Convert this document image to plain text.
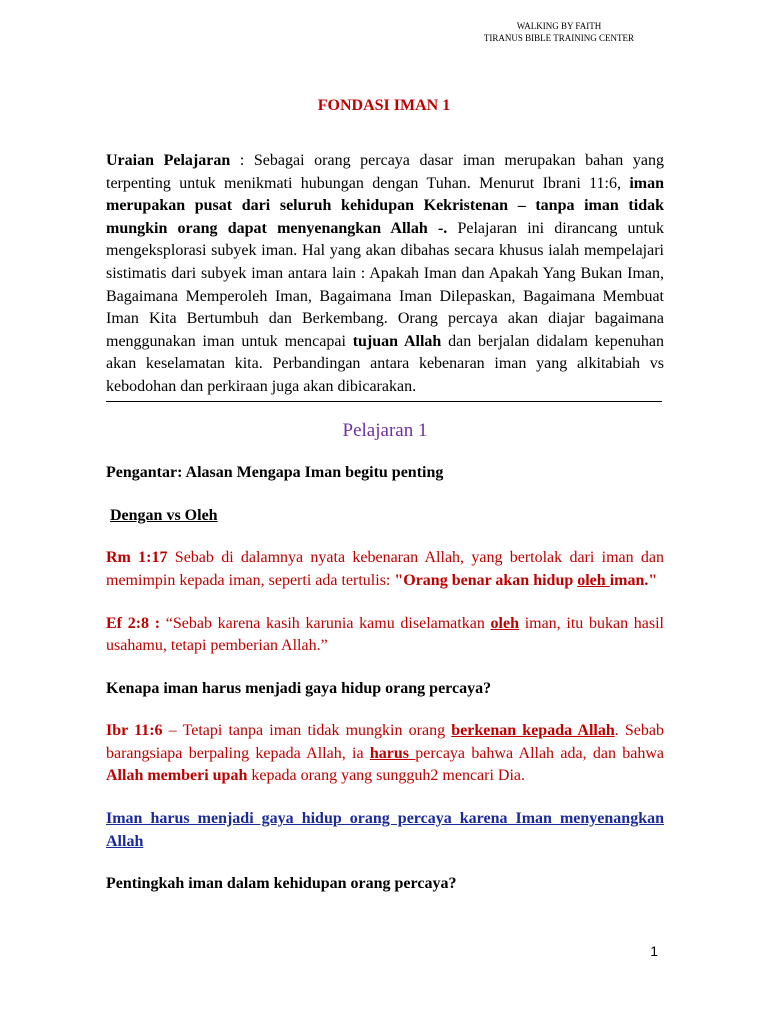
WALKING BY FAITH
TIRANUS BIBLE TRAINING CENTER
FONDASI IMAN 1

Uraian Pelajaran : Sebagai orang percaya dasar iman merupakan bahan yang terpenting untuk menikmati hubungan dengan Tuhan. Menurut Ibrani 11:6, iman merupakan pusat dari seluruh kehidupan Kekristenan – tanpa iman tidak mungkin orang dapat menyenangkan Allah -. Pelajaran ini dirancang untuk mengeksplorasi subyek iman. Hal yang akan dibahas secara khusus ialah mempelajari sistimatis dari subyek iman antara lain : Apakah Iman dan Apakah Yang Bukan Iman, Bagaimana Memperoleh Iman, Bagaimana Iman Dilepaskan, Bagaimana Membuat Iman Kita Bertumbuh dan Berkembang. Orang percaya akan diajar bagaimana menggunakan iman untuk mencapai tujuan Allah dan berjalan didalam kepenuhan akan keselamatan kita. Perbandingan antara kebenaran iman yang alkitabiah vs kebodohan dan perkiraan juga akan dibicarakan.

Pelajaran 1

Pengantar: Alasan Mengapa Iman begitu penting

Dengan vs Oleh

Rm 1:17 Sebab di dalamnya nyata kebenaran Allah, yang bertolak dari iman dan memimpin kepada iman, seperti ada tertulis: "Orang benar akan hidup oleh iman."

Ef 2:8 : “Sebab karena kasih karunia kamu diselamatkan oleh iman, itu bukan hasil usahamu, tetapi pemberian Allah.”

Kenapa iman harus menjadi gaya hidup orang percaya?

Ibr 11:6 – Tetapi tanpa iman tidak mungkin orang berkenan kepada Allah. Sebab barangsiapa berpaling kepada Allah, ia harus percaya bahwa Allah ada, dan bahwa Allah memberi upah kepada orang yang sungguh2 mencari Dia.

Iman harus menjadi gaya hidup orang percaya karena Iman menyenangkan Allah

Pentingkah iman dalam kehidupan orang percaya?

1
